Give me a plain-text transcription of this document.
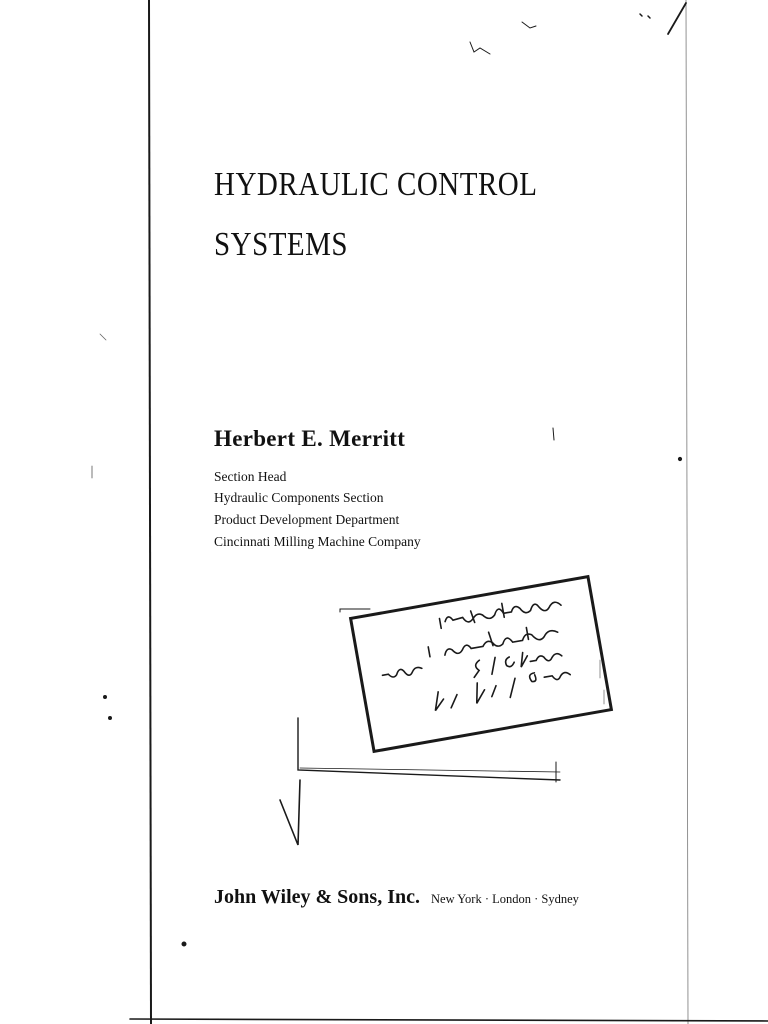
HYDRAULIC CONTROL
SYSTEMS
Herbert E. Merritt
Section Head
Hydraulic Components Section
Product Development Department
Cincinnati Milling Machine Company
John Wiley & Sons, Inc. New York · London · Sydney
